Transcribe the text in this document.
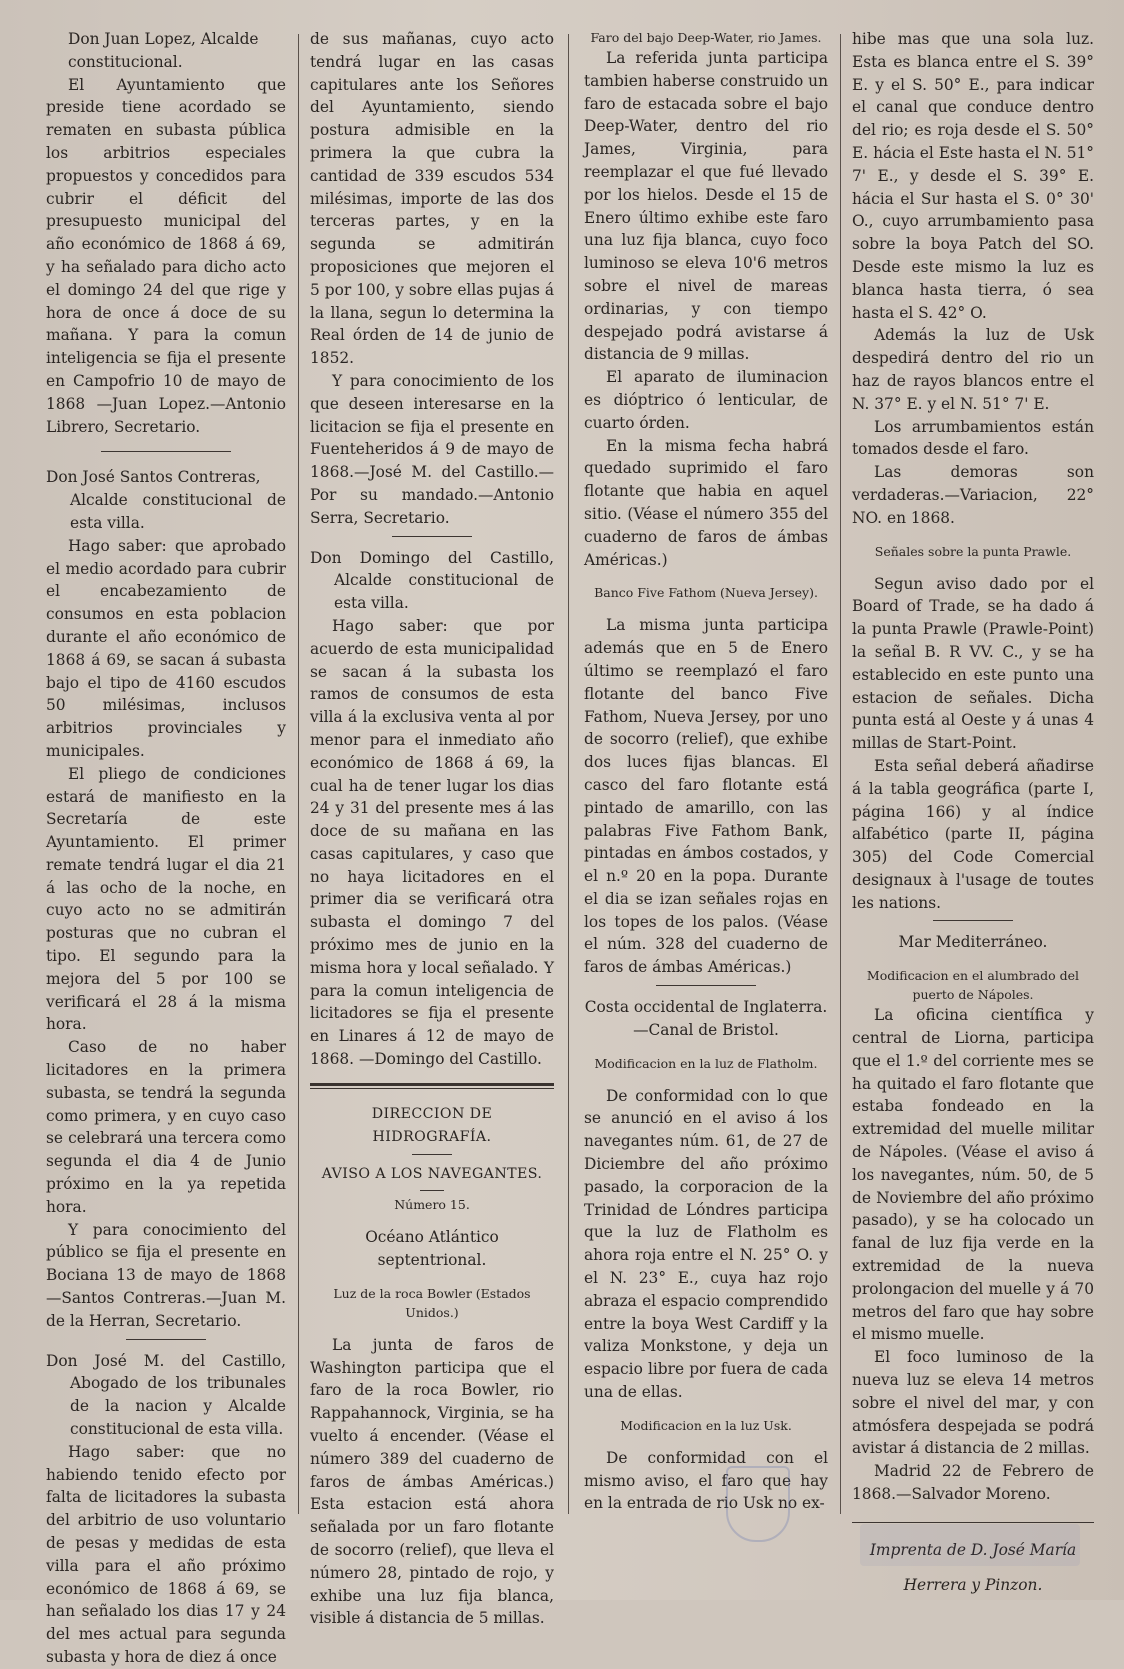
Don Juan Lopez, Alcalde

constitucional.

El Ayuntamiento que preside tiene acordado se rematen en subasta pública los arbitrios especiales propuestos y concedidos para cubrir el déficit del presupuesto municipal del año económico de 1868 á 69, y ha señalado para dicho acto el domingo 24 del que rige y hora de once á doce de su mañana. Y para la comun inteligencia se fija el presente en Campofrio 10 de mayo de 1868 —Juan Lopez.—Antonio Librero, Secretario.

Don José Santos Contreras,

Alcalde constitucional de esta villa.

Hago saber: que aprobado el medio acordado para cubrir el encabezamiento de consumos en esta poblacion durante el año económico de 1868 á 69, se sacan á subasta bajo el tipo de 4160 escudos 50 milésimas, inclusos arbitrios provinciales y municipales.

El pliego de condiciones estará de manifiesto en la Secretaría de este Ayuntamiento. El primer remate tendrá lugar el dia 21 á las ocho de la noche, en cuyo acto no se admitirán posturas que no cubran el tipo. El segundo para la mejora del 5 por 100 se verificará el 28 á la misma hora.

Caso de no haber licitadores en la primera subasta, se tendrá la segunda como primera, y en cuyo caso se celebrará una tercera como segunda el dia 4 de Junio próximo en la ya repetida hora.

Y para conocimiento del público se fija el presente en Bociana 13 de mayo de 1868 —Santos Contreras.—Juan M. de la Herran, Secretario.

Don José M. del Castillo, Abogado de los tribunales de la nacion y Alcalde constitucional de esta villa.

Hago saber: que no habiendo tenido efecto por falta de licitadores la subasta del arbitrio de uso voluntario de pesas y medidas de esta villa para el año próximo económico de 1868 á 69, se han señalado los dias 17 y 24 del mes actual para segunda subasta y hora de diez á once

de sus mañanas, cuyo acto tendrá lugar en las casas capitulares ante los Señores del Ayuntamiento, siendo postura admisible en la primera la que cubra la cantidad de 339 escudos 534 milésimas, importe de las dos terceras partes, y en la segunda se admitirán proposiciones que mejoren el 5 por 100, y sobre ellas pujas á la llana, segun lo determina la Real órden de 14 de junio de 1852.

Y para conocimiento de los que deseen interesarse en la licitacion se fija el presente en Fuenteheridos á 9 de mayo de 1868.—José M. del Castillo.—Por su mandado.—Antonio Serra, Secretario.

Don Domingo del Castillo, Alcalde constitucional de esta villa.

Hago saber: que por acuerdo de esta municipalidad se sacan á la subasta los ramos de consumos de esta villa á la exclusiva venta al por menor para el inmediato año económico de 1868 á 69, la cual ha de tener lugar los dias 24 y 31 del presente mes á las doce de su mañana en las casas capitulares, y caso que no haya licitadores en el primer dia se verificará otra subasta el domingo 7 del próximo mes de junio en la misma hora y local señalado. Y para la comun inteligencia de licitadores se fija el presente en Linares á 12 de mayo de 1868. —Domingo del Castillo.

DIRECCION DE HIDROGRAFÍA.

AVISO A LOS NAVEGANTES.

Número 15.

Océano Atlántico septentrional.

Luz de la roca Bowler (Estados Unidos.)

La junta de faros de Washington participa que el faro de la roca Bowler, rio Rappahannock, Virginia, se ha vuelto á encender. (Véase el número 389 del cuaderno de faros de ámbas Américas.) Esta estacion está ahora señalada por un faro flotante de socorro (relief), que lleva el número 28, pintado de rojo, y exhibe una luz fija blanca, visible á distancia de 5 millas.

Faro del bajo Deep-Water, rio James.

La referida junta participa tambien haberse construido un faro de estacada sobre el bajo Deep-Water, dentro del rio James, Virginia, para reemplazar el que fué llevado por los hielos. Desde el 15 de Enero último exhibe este faro una luz fija blanca, cuyo foco luminoso se eleva 10'6 metros sobre el nivel de mareas ordinarias, y con tiempo despejado podrá avistarse á distancia de 9 millas.

El aparato de iluminacion es dióptrico ó lenticular, de cuarto órden.

En la misma fecha habrá quedado suprimido el faro flotante que habia en aquel sitio. (Véase el número 355 del cuaderno de faros de ámbas Américas.)

Banco Five Fathom (Nueva Jersey).

La misma junta participa además que en 5 de Enero último se reemplazó el faro flotante del banco Five Fathom, Nueva Jersey, por uno de socorro (relief), que exhibe dos luces fijas blancas. El casco del faro flotante está pintado de amarillo, con las palabras Five Fathom Bank, pintadas en ámbos costados, y el n.º 20 en la popa. Durante el dia se izan señales rojas en los topes de los palos. (Véase el núm. 328 del cuaderno de faros de ámbas Américas.)

Costa occidental de Inglaterra.—Canal de Bristol.

Modificacion en la luz de Flatholm.

De conformidad con lo que se anunció en el aviso á los navegantes núm. 61, de 27 de Diciembre del año próximo pasado, la corporacion de la Trinidad de Lóndres participa que la luz de Flatholm es ahora roja entre el N. 25° O. y el N. 23° E., cuya haz rojo abraza el espacio comprendido entre la boya West Cardiff y la valiza Monkstone, y deja un espacio libre por fuera de cada una de ellas.

Modificacion en la luz Usk.

De conformidad con el mismo aviso, el faro que hay en la entrada de rio Usk no ex-

hibe mas que una sola luz. Esta es blanca entre el S. 39° E. y el S. 50° E., para indicar el canal que conduce dentro del rio; es roja desde el S. 50° E. hácia el Este hasta el N. 51° 7' E., y desde el S. 39° E. hácia el Sur hasta el S. 0° 30' O., cuyo arrumbamiento pasa sobre la boya Patch del SO. Desde este mismo la luz es blanca hasta tierra, ó sea hasta el S. 42° O.

Además la luz de Usk despedirá dentro del rio un haz de rayos blancos entre el N. 37° E. y el N. 51° 7' E.

Los arrumbamientos están tomados desde el faro.

Las demoras son verdaderas.—Variacion, 22° NO. en 1868.

Señales sobre la punta Prawle.

Segun aviso dado por el Board of Trade, se ha dado á la punta Prawle (Prawle-Point) la señal B. R VV. C., y se ha establecido en este punto una estacion de señales. Dicha punta está al Oeste y á unas 4 millas de Start-Point.

Esta señal deberá añadirse á la tabla geográfica (parte I, página 166) y al índice alfabético (parte II, página 305) del Code Comercial designaux à l'usage de toutes les nations.

Mar Mediterráneo.

Modificacion en el alumbrado del puerto de Nápoles.

La oficina científica y central de Liorna, participa que el 1.º del corriente mes se ha quitado el faro flotante que estaba fondeado en la extremidad del muelle militar de Nápoles. (Véase el aviso á los navegantes, núm. 50, de 5 de Noviembre del año próximo pasado), y se ha colocado un fanal de luz fija verde en la extremidad de la nueva prolongacion del muelle y á 70 metros del faro que hay sobre el mismo muelle.

El foco luminoso de la nueva luz se eleva 14 metros sobre el nivel del mar, y con atmósfera despejada se podrá avistar á distancia de 2 millas.

Madrid 22 de Febrero de 1868.—Salvador Moreno.

Herrera y Pinzon.
